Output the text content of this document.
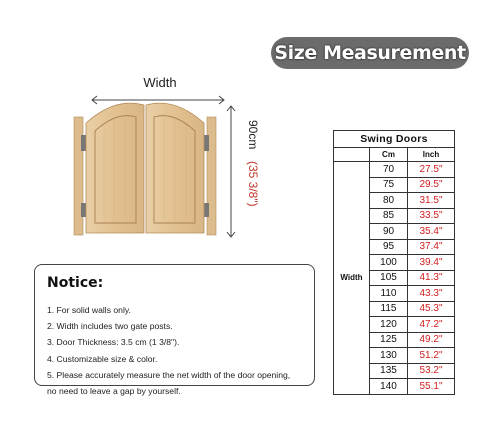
Size Measurement
Width
90cm (35 3/8")
Notice:
1. For solid walls only.
2. Width includes two gate posts.
3. Door Thickness: 3.5 cm (1 3/8").
4. Customizable size & color.
5. Please accurately measure the net width of the door opening,
no need to leave a gap by yourself.
Swing Doors		
	Cm	Inch
Width	70	27.5"
	75	29.5"
	80	31.5"
	85	33.5"
	90	35.4"
	95	37.4"
	100	39.4"
	105	41.3"
	110	43.3"
	115	45.3"
	120	47.2"
	125	49.2"
	130	51.2"
	135	53.2"
	140	55.1"
